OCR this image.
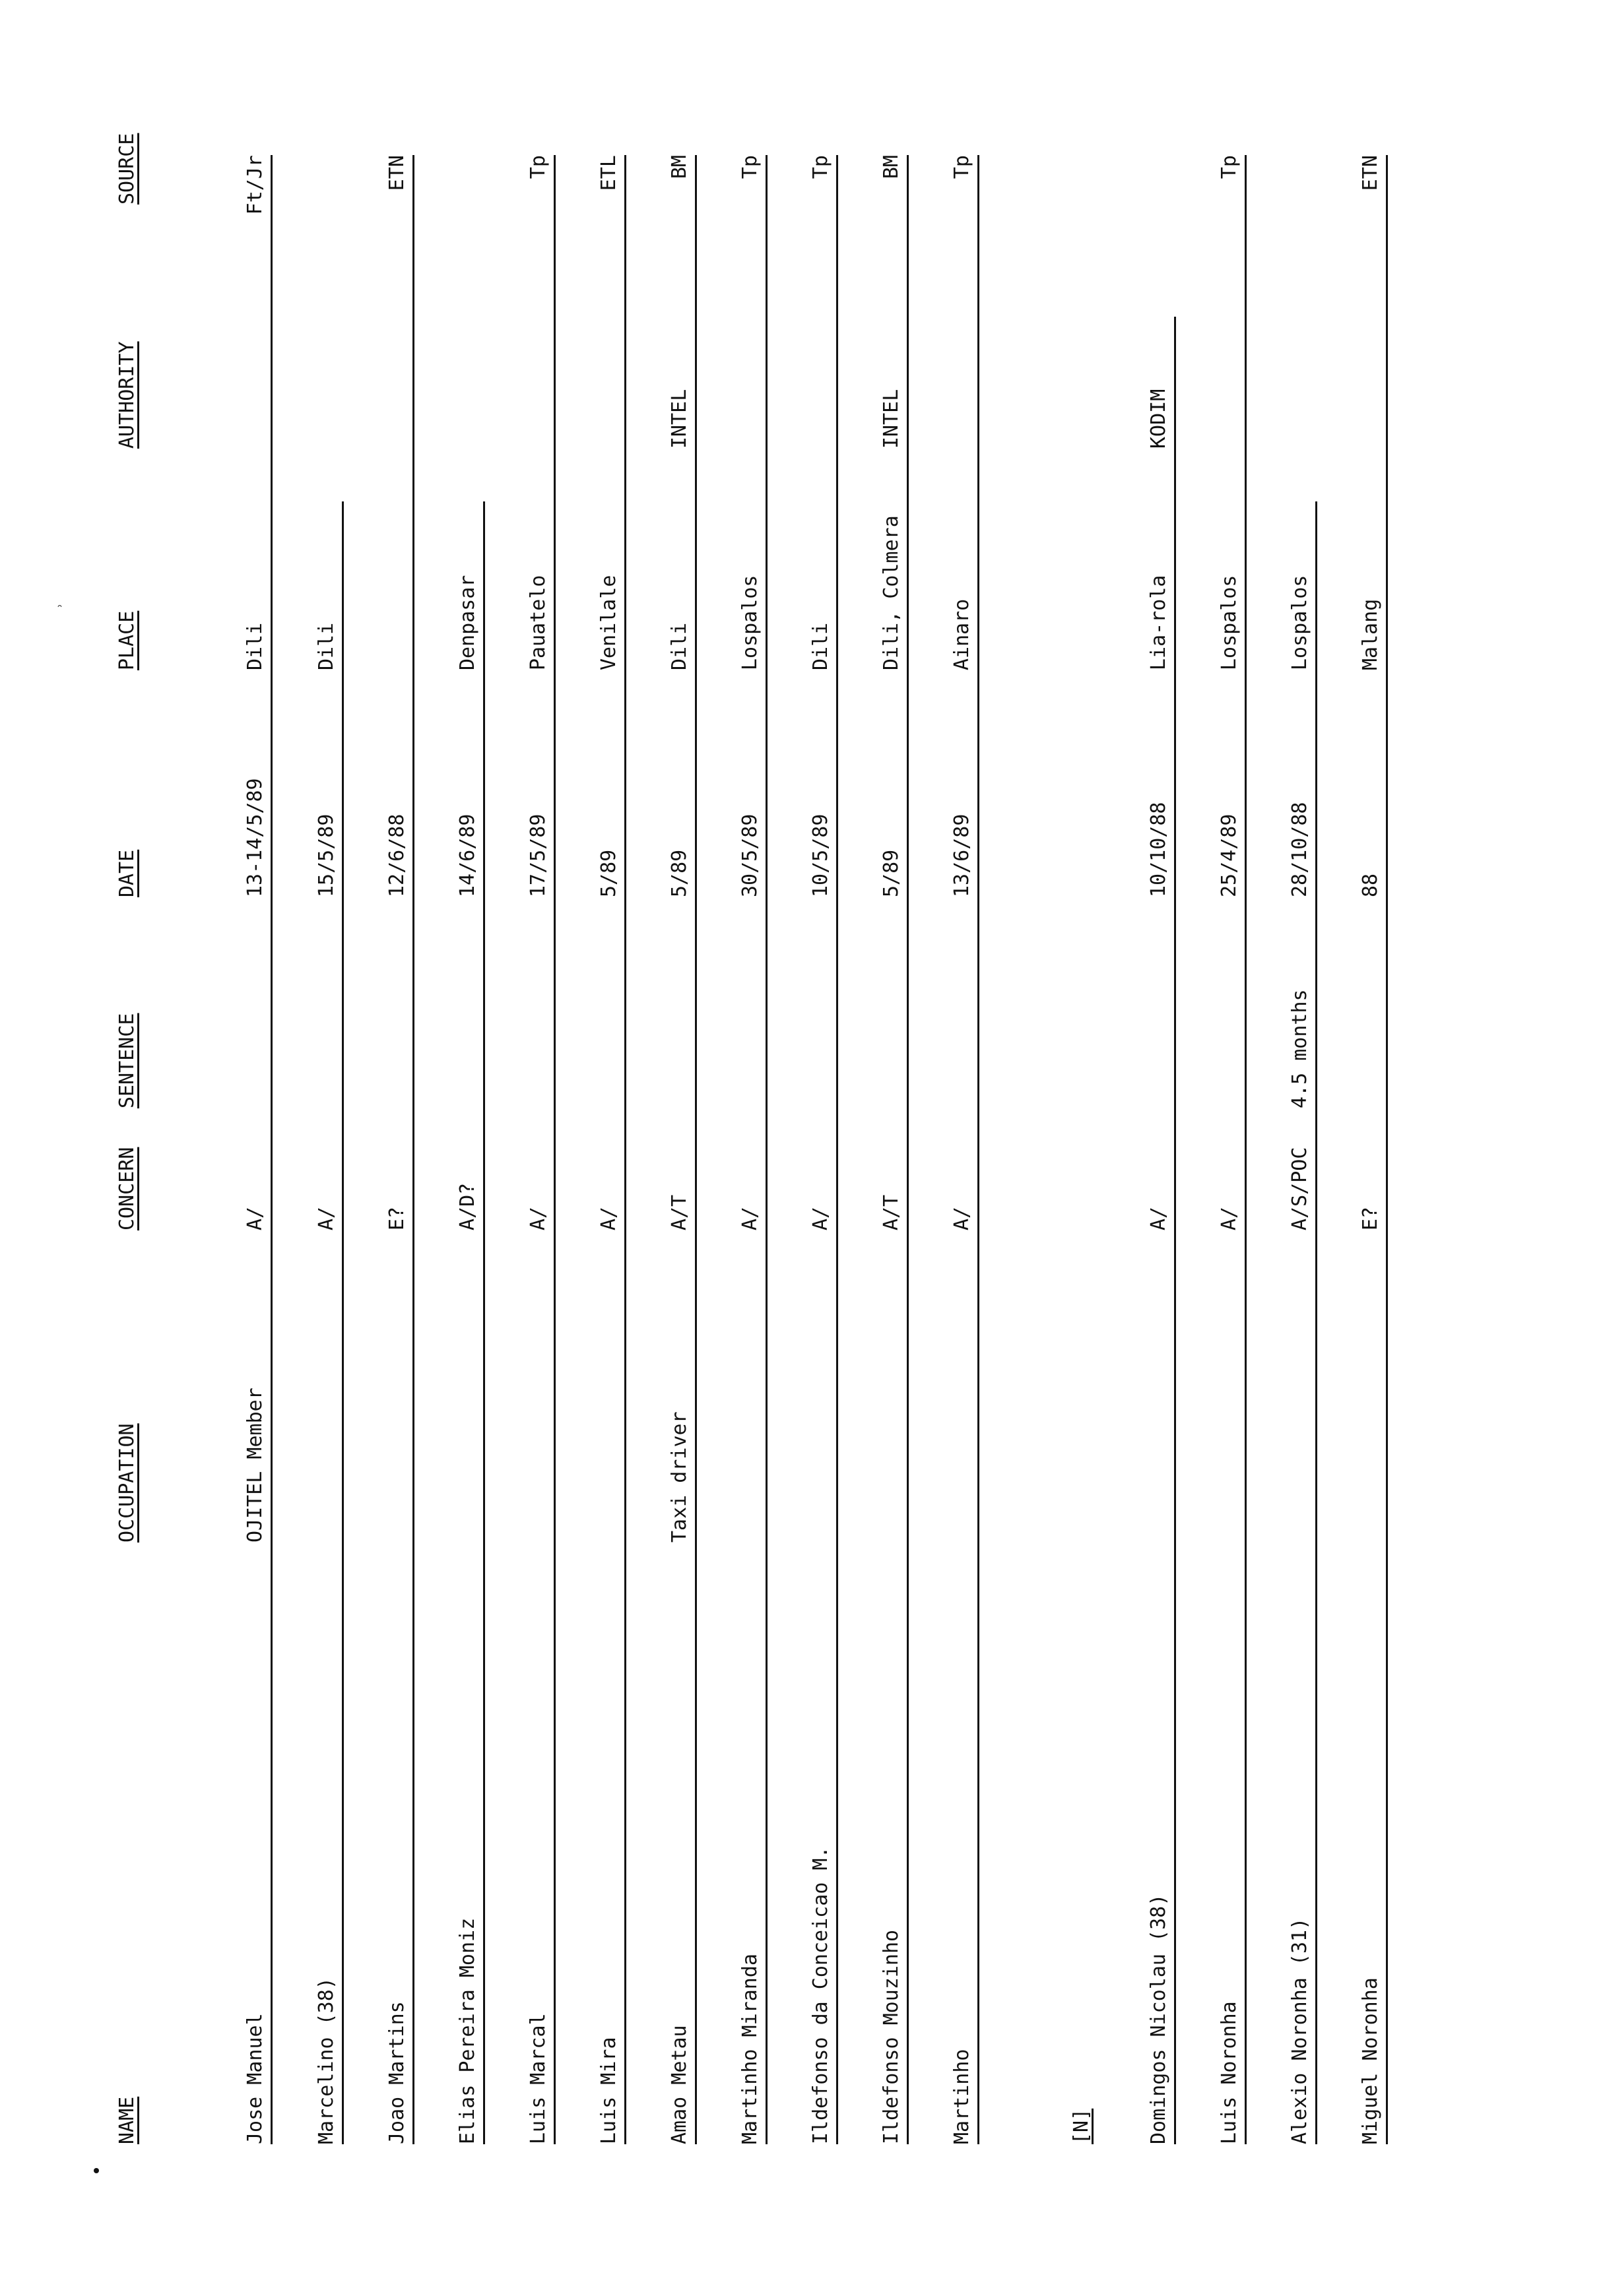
NAME
OCCUPATION
CONCERN
SENTENCE
DATE
PLACE
AUTHORITY
SOURCE
˒
Jose Manuel
OJITEL Member
A/
13-14/5/89
Dili
Ft/Jr
Marcelino (38)
A/
15/5/89
Dili
Joao Martins
E?
12/6/88
ETN
Elias Pereira Moniz
A/D?
14/6/89
Denpasar
Luis Marcal
A/
17/5/89
Pauatelo
Tp
Luis Mira
A/
5/89
Venilale
ETL
Amao Metau
Taxi driver
A/T
5/89
Dili
INTEL
BM
Martinho Miranda
A/
30/5/89
Lospalos
Tp
Ildefonso da Conceicao M.
A/
10/5/89
Dili
Tp
Ildefonso Mouzinho
A/T
5/89
Dili, Colmera
INTEL
BM
Martinho
A/
13/6/89
Ainaro
Tp
Domingos Nicolau (38)
A/
10/10/88
Lia-rola
KODIM
Luis Noronha
A/
25/4/89
Lospalos
Tp
Alexio Noronha (31)
A/S/POC
4.5 months
28/10/88
Lospalos
Miguel Noronha
E?
88
Malang
ETN
[N]
